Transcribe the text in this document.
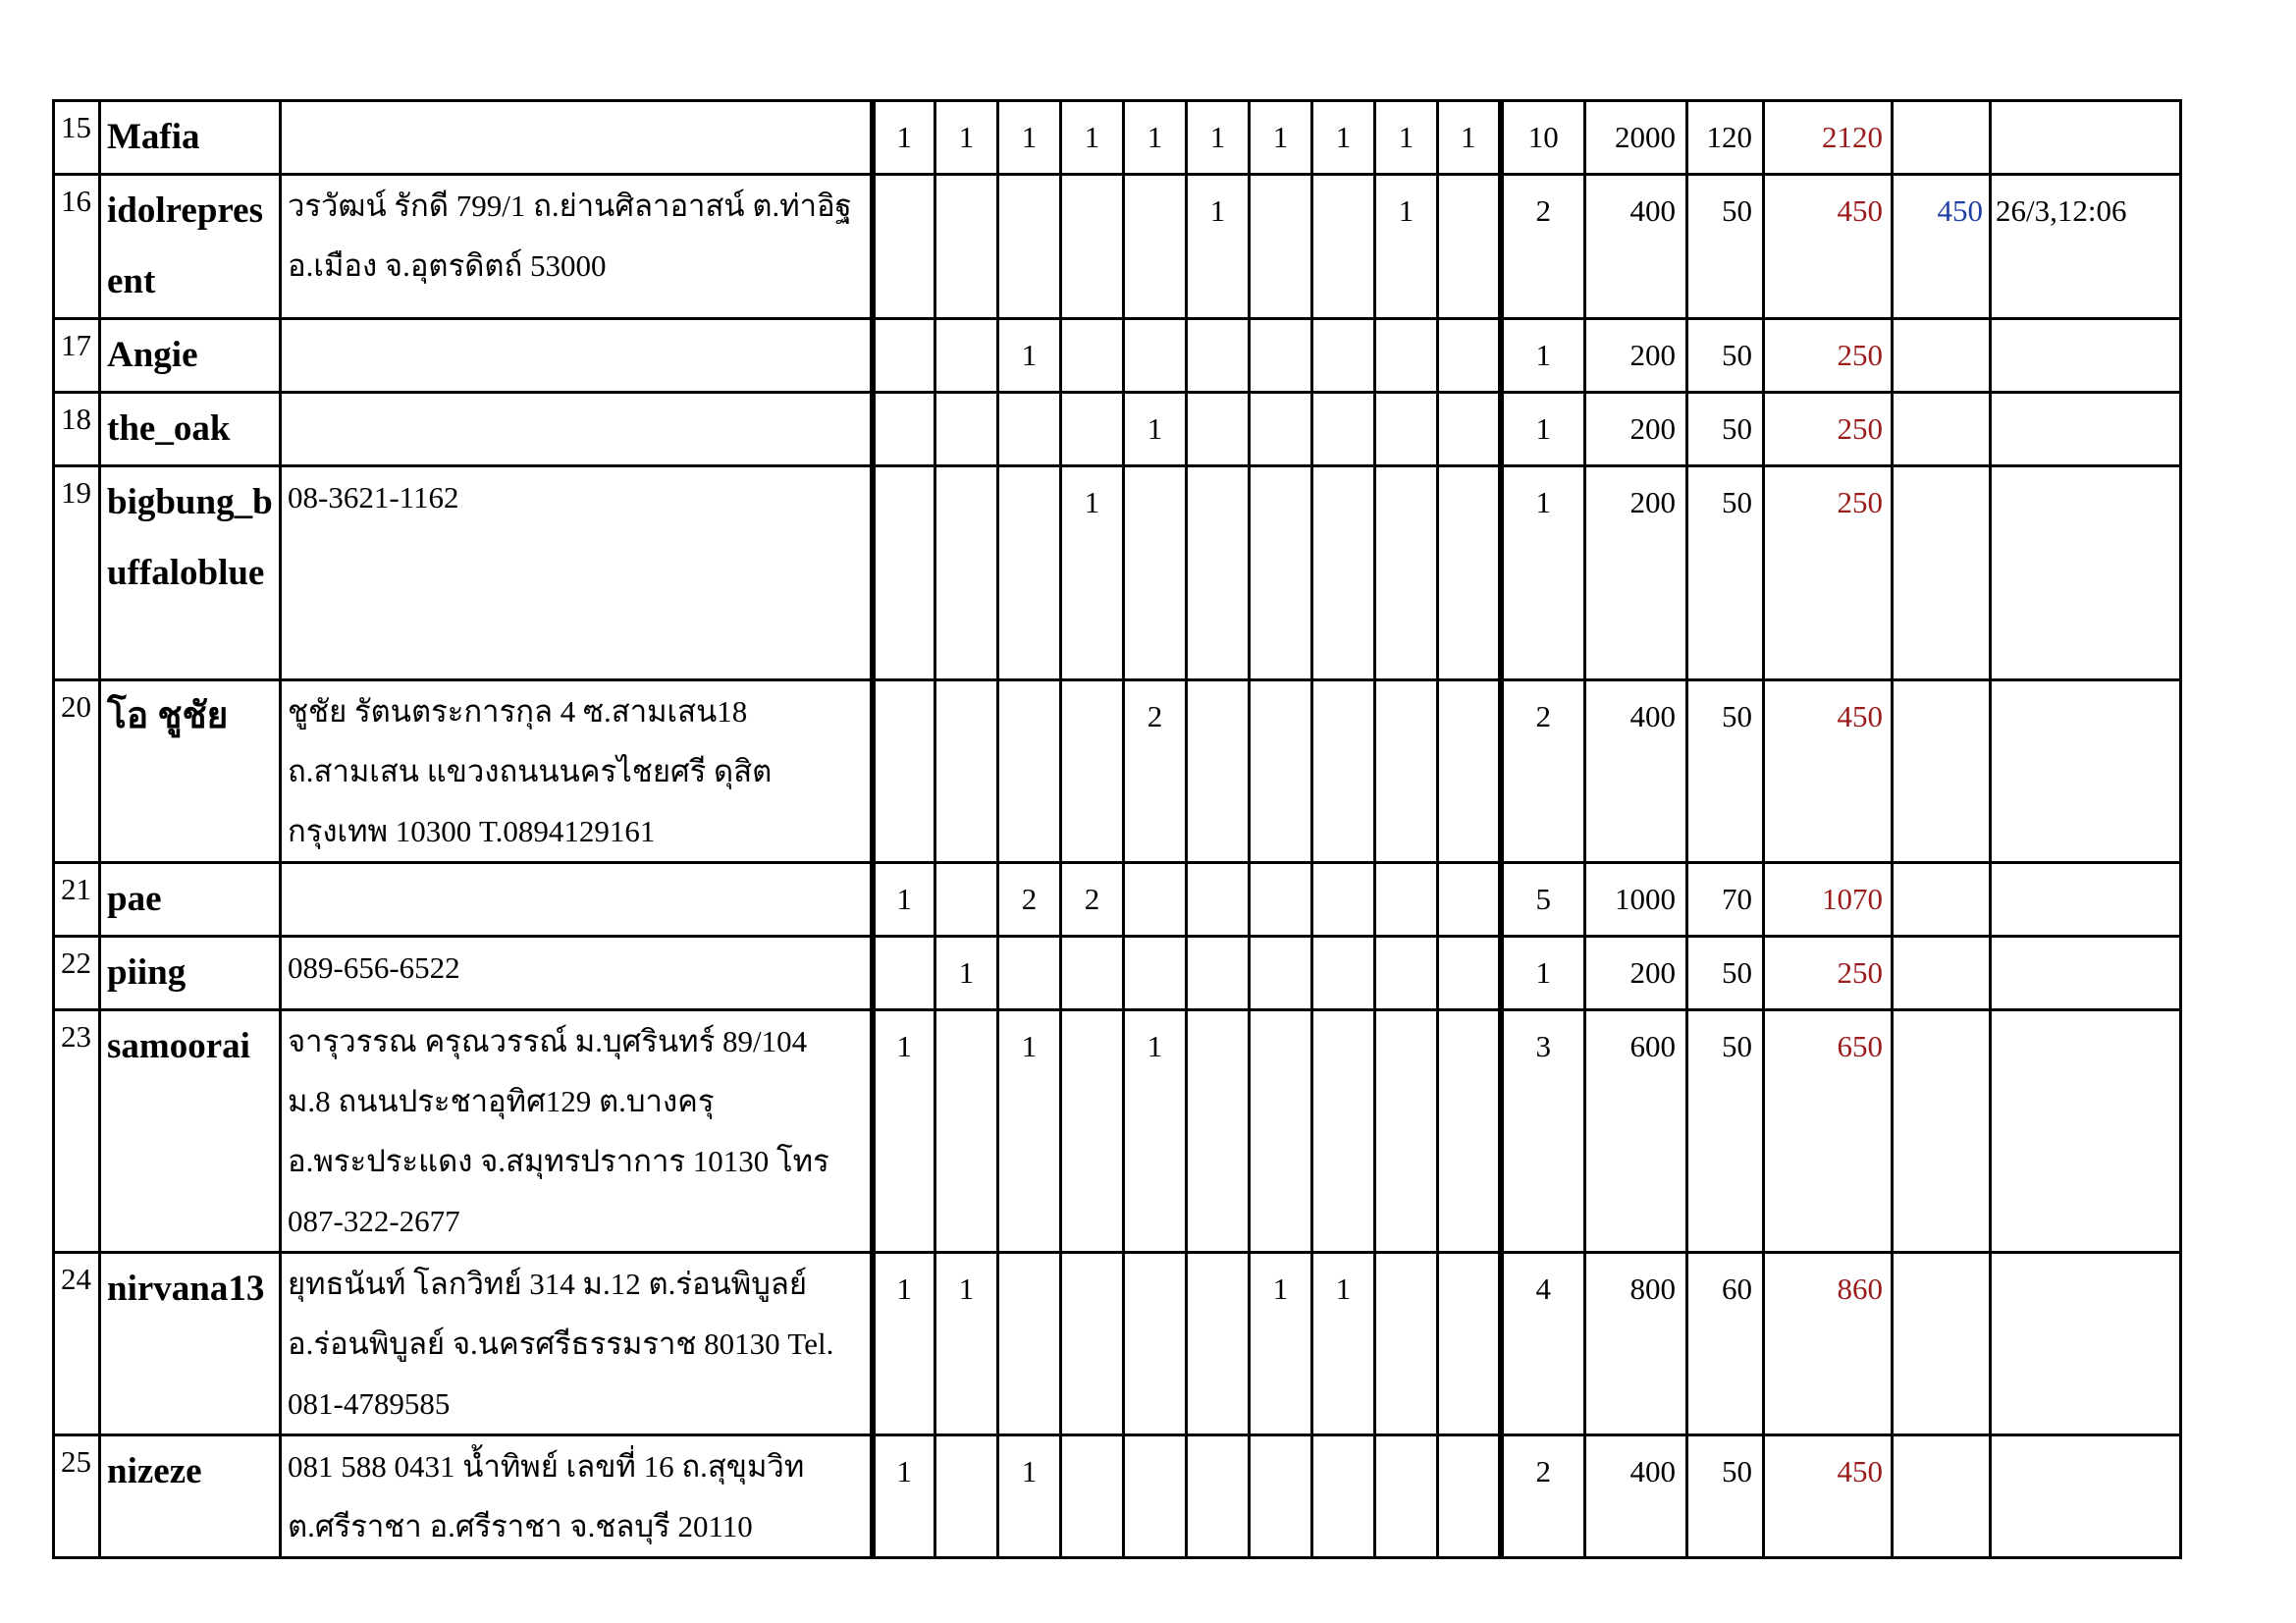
15	Mafia		1	1	1	1	1	1	1	1	1	1	10	2000	120	2120		
16	idolrepresent	วรวัฒน์ รักดี 799/1 ถ.ย่านศิลาอาสน์ ต.ท่าอิฐ
อ.เมือง จ.อุตรดิตถ์ 53000						1			1		2	400	50	450	450	26/3,12:06
17	Angie				1								1	200	50	250		
18	the_oak						1						1	200	50	250		
19	bigbung_buffaloblue	08-3621-1162				1							1	200	50	250		
20	โอ ชูชัย	ชูชัย รัตนตระการกุล 4 ซ.สามเสน18
ถ.สามเสน แขวงถนนนครไชยศรี ดุสิต
กรุงเทพ 10300 T.0894129161					2						2	400	50	450		
21	pae		1		2	2							5	1000	70	1070		
22	piing	089-656-6522		1									1	200	50	250		
23	samoorai	จารุวรรณ ครุณวรรณ์ ม.บุศรินทร์ 89/104
ม.8 ถนนประชาอุทิศ129 ต.บางครุ
อ.พระประแดง จ.สมุทรปราการ 10130 โทร
087-322-2677	1		1		1						3	600	50	650		
24	nirvana13	ยุทธนันท์ โลกวิทย์ 314 ม.12 ต.ร่อนพิบูลย์
อ.ร่อนพิบูลย์ จ.นครศรีธรรมราช 80130 Tel.
081-4789585	1	1					1	1			4	800	60	860		
25	nizeze	081 588 0431 น้ำทิพย์ เลขที่ 16 ถ.สุขุมวิท
ต.ศรีราชา อ.ศรีราชา จ.ชลบุรี 20110	1		1								2	400	50	450		
